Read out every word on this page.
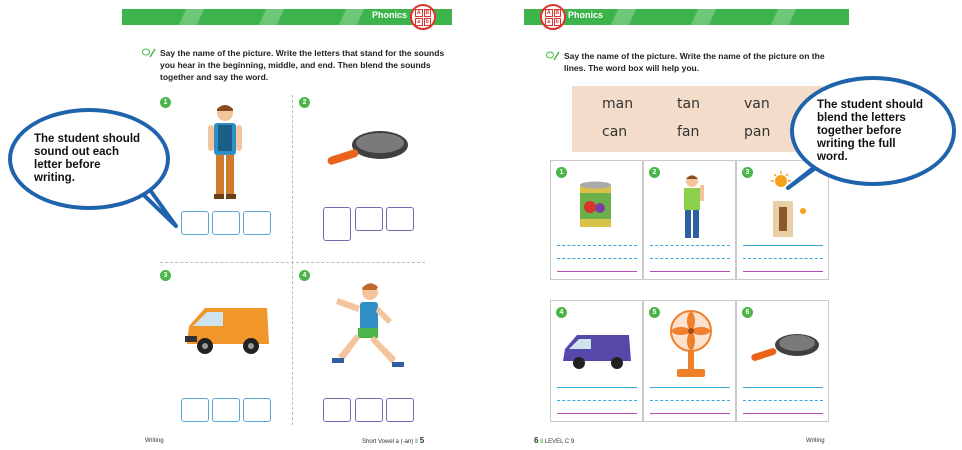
Phonics	A B
a	b
Say the name of the picture. Write the letters that stand for the sounds you hear in the beginning, middle, and end. Then blend the sounds together and say the word.
1	2
3	4
Writing	Short Vowel a (-an) ‖ 5
The student should sound out each letter before writing.
Phonics
A B
a	b
Say the name of the picture. Write the name of the picture on the lines. The word box will help you.
man	tan	van
can	fan	pan
1	2	3
4	5	6
6 ‖ LEVEL C 9	Writing
The student should blend the letters together before writing the full word.
